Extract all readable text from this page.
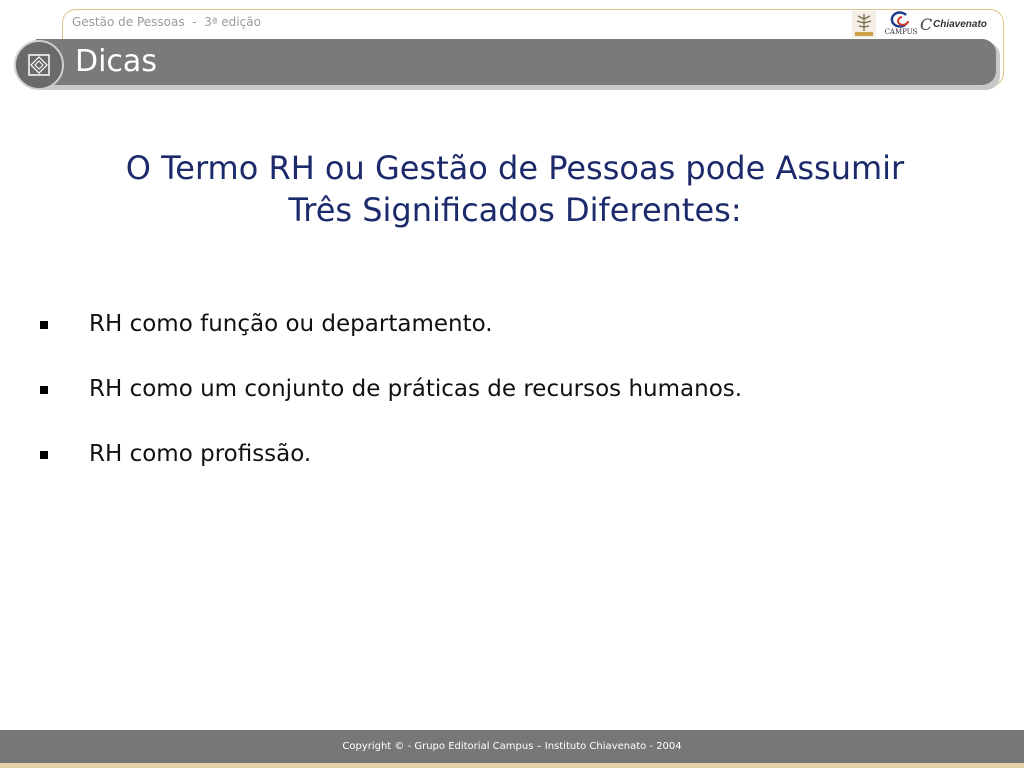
Gestão de Pessoas  -  3ª edição
CAMPUS C Chiavenato
Dicas
O Termo RH ou Gestão de Pessoas pode Assumir
Três Significados Diferentes:
RH como função ou departamento.
RH como um conjunto de práticas de recursos humanos.
RH como profissão.
Copyright © - Grupo Editorial Campus – Instituto Chiavenato - 2004
